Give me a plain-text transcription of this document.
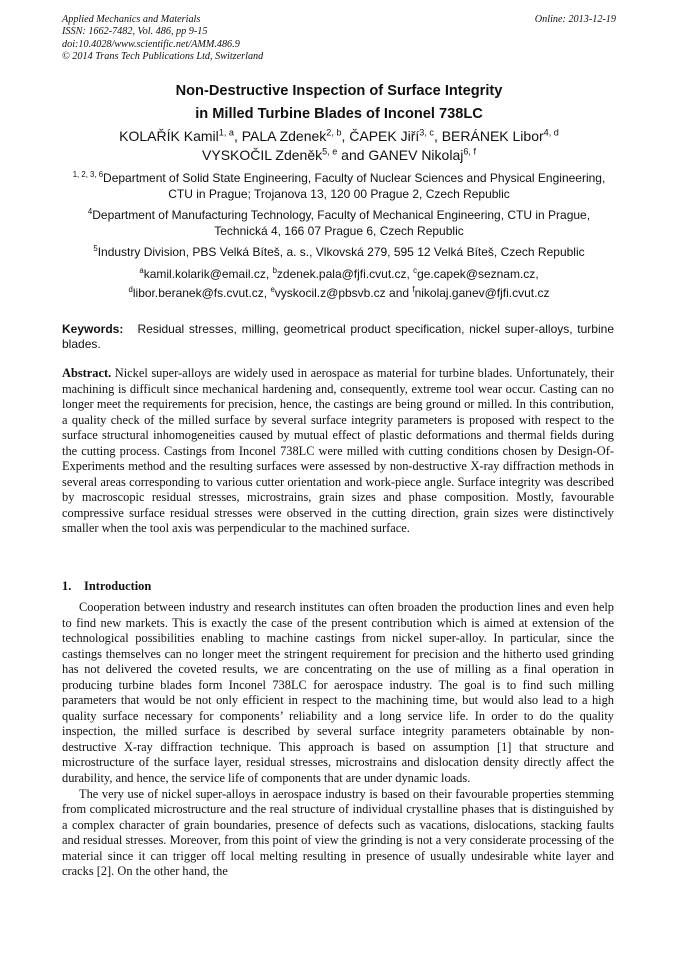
Applied Mechanics and Materials
ISSN: 1662-7482, Vol. 486, pp 9-15
doi:10.4028/www.scientific.net/AMM.486.9
© 2014 Trans Tech Publications Ltd, Switzerland
Online: 2013-12-19
Non-Destructive Inspection of Surface Integrity
in Milled Turbine Blades of Inconel 738LC
KOLAŘÍK Kamil$^{1, a}$, PALA Zdenek$^{2, b}$, ČAPEK Jiří$^{3, c}$, BERÁNEK Libor$^{4, d}$
VYSKOČIL Zdeněk$^{5, e}$ and GANEV Nikolaj$^{6, f}$

$^{1, 2, 3, 6}$Department of Solid State Engineering, Faculty of Nuclear Sciences and Physical Engineering, CTU in Prague; Trojanova 13, 120 00 Prague 2, Czech Republic

$^4$Department of Manufacturing Technology, Faculty of Mechanical Engineering, CTU in Prague, Technická 4, 166 07 Prague 6, Czech Republic

$^5$Industry Division, PBS Velká Bíteš, a. s., Vlkovská 279, 595 12 Velká Bíteš, Czech Republic

$^a$kamil.kolarik@email.cz, $^b$zdenek.pala@fjfi.cvut.cz, $^c$ge.capek@seznam.cz,

$^d$libor.beranek@fs.cvut.cz, $^e$vyskocil.z@pbsvb.cz and $^f$nikolaj.ganev@fjfi.cvut.cz

Keywords: Residual stresses, milling, geometrical product specification, nickel super-alloys, turbine blades.
Abstract. Nickel super-alloys are widely used in aerospace as material for turbine blades. Unfortunately, their machining is difficult since mechanical hardening and, consequently, extreme tool wear occur. Casting can no longer meet the requirements for precision, hence, the castings are being ground or milled. In this contribution, a quality check of the milled surface by several surface integrity parameters is proposed with respect to the surface structural inhomogeneities caused by mutual effect of plastic deformations and thermal fields during the cutting process. Castings from Inconel 738LC were milled with cutting conditions chosen by Design-Of-Experiments method and the resulting surfaces were assessed by non-destructive X-ray diffraction methods in several areas corresponding to various cutter orientation and work-piece angle. Surface integrity was described by macroscopic residual stresses, microstrains, grain sizes and phase composition. Mostly, favourable compressive surface residual stresses were observed in the cutting direction, grain sizes were distinctively smaller when the tool axis was perpendicular to the machined surface.
1. Introduction

Cooperation between industry and research institutes can often broaden the production lines and even help to find new markets. This is exactly the case of the present contribution which is aimed at extension of the technological possibilities enabling to machine castings from nickel super-alloy. In particular, since the castings themselves can no longer meet the stringent requirement for precision and the hitherto used grinding has not delivered the coveted results, we are concentrating on the use of milling as a final operation in producing turbine blades form Inconel 738LC for aerospace industry. The goal is to find such milling parameters that would be not only efficient in respect to the machining time, but would also lead to a high quality surface necessary for components’ reliability and a long service life. In order to do the quality inspection, the milled surface is described by several surface integrity parameters obtainable by non-destructive X-ray diffraction technique. This approach is based on assumption [1] that structure and microstructure of the surface layer, residual stresses, microstrains and dislocation density directly affect the durability, and hence, the service life of components that are under dynamic loads.

The very use of nickel super-alloys in aerospace industry is based on their favourable properties stemming from complicated microstructure and the real structure of individual crystalline phases that is distinguished by a complex character of grain boundaries, presence of defects such as vacations, dislocations, stacking faults and residual stresses. Moreover, from this point of view the grinding is not a very considerate processing of the material since it can trigger off local melting resulting in presence of usually undesirable white layer and cracks [2]. On the other hand, the
